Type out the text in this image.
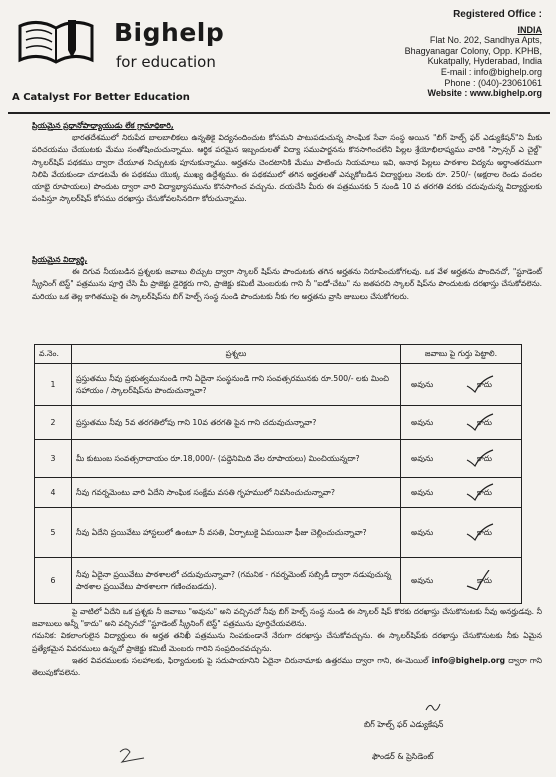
Bighelp
for education
A Catalyst For Better Education
Registered Office :
INDIA
Flat No. 202, Sandhya Apts,
Bhagyanagar Colony, Opp. KPHB,
Kukatpally, Hyderabad, India
E-mail : info@bighelp.org
Phone : (040)-23061061
Website : www.bighelp.org
ప్రియమైన ప్రధానోపాధ్యాయుడు లేక గ్రామాధికారి,
భారతదేశములో నిరుపేద బాలబాలికలు ఉన్నతికై విద్యనందించుట కోసమని పాటుపడుచున్న సాంఘిక సేవా సంస్థ అయిన "బిగ్ హెల్ప్ ఫర్ ఎడ్యుకేషన్"ని మీకు పరిచయము చేయుటకు మేము సంతోషించుచున్నాము. ఆర్థిక పరమైన ఇబ్బందులతో విద్యా సముపార్జనను కొనసాగించలేని పిల్లల శ్రేయోభిలాష్యము వారికి "స్పాన్సర్ ఎ చైల్డ్" స్కాలర్‌షిప్ పథకము ద్వారా చేయూత నిచ్చుటకు పూనుకున్నాము. అర్హతను చెందటానికి మేము పాటించు నియమాలు ఇవి, అనాథ పిల్లలు పాఠశాల విద్యను అర్థాంతరముగా నిలిపి వేయకుండా చూడటమే ఈ పథకము యొక్క ముఖ్య ఉద్దేశ్యము. ఈ పథకములో తగిన అర్హతలతో ఎన్నుకోబడిన విద్యార్థులు నెలకు రూ. 250/- (అక్షరాల రెండు వందల యాభై రూపాయలు) పొందుట ద్వారా వారి విద్యాభ్యాసమును కొనసాగించ వచ్చును. దయచేసి మీరు ఈ పత్రమునకు 5 నుండి 10 వ తరగతి వరకు చదువుచున్న విద్యార్థులకు పంపిస్తూ స్కాలర్‌షిప్ కోసము దరఖాస్తు చేసుకోవలసినదిగా కోరుచున్నాము.
ప్రియమైన విద్యార్థి,
ఈ దిగువ నీయబడిన ప్రశ్నలకు జవాబు లిచ్చుట ద్వారా స్కాలర్ షిప్‌ను పొందుటకు తగిన అర్హతను నిరూపించుకోగలవు. ఒక వేళ అర్హతను పొందినచో, "స్టూడెంట్ స్క్రీనింగ్ టెస్ట్" పత్రమును పూర్తి చేసి మీ ప్రాజెక్టు డైరెక్టరు గాని, ప్రాజెక్టు కమిటీ మెంబరుకు గాని నీ "ఐడో-చేటు" ను జతపరచి స్కాలర్ షిప్‌ను పొందుటకు దరఖాస్తు చేసుకోవలెను. మరియు ఒక తెల్ల కాగితముపై ఈ స్కాలర్‌షిప్‌ను బిగ్ హెల్ప్ సంస్థ నుండి పొందుటకు నీకు గల అర్హతను వ్రాసి జుబులు చేసుకోగలరు.
వ.నెం.	ప్రశ్నలు	జవాబు పై గుర్తు పెట్టాలి.
1	ప్రస్తుతము నీవు ప్రభుత్వమునుండి గాని ఏదైనా సంస్థనుండి గాని సంవత్సరమునకు రూ.500/- లకు మించి సహాయం / స్కాలర్‌షిప్‌ను పొందుచున్నావా?	అవును కాదు

2	ప్రస్తుతము నీవు 5వ తరగతిలోపు గాని 10వ తరగతి పైన గాని చదువుచున్నావా?	అవును కాదు

3	మీ కుటుంబ సంవత్సరాదాయం రూ.18,000/- (పద్దెనిమిది వేల రూపాయలు) మించియున్నదా?	అవును కాదు

4	నీవు గవర్నమెంటు వారి ఏదేని సాంఘిక సంక్షేమ వసతి గృహములో నివసించుచున్నావా?	అవును కాదు

5	నీవు ఏదేని ప్రయివేటు హాస్టలులో ఉంటూ నీ వసతి, ఏర్పాటుకై ఏమయినా ఫీజు చెల్లించుచున్నావా?	అవును కాదు

6	నీవు ఏదైనా ప్రయివేటు పాఠశాలలో చదువుచున్నావా? (గమనిక - గవర్నమెంట్ సబ్సిడీ ద్వారా నడుపుచున్న పాఠశాల ప్రయివేటు పాఠశాలగా గణించబడదు).	అవును కాదు
పై వాటిలో ఏదేని ఒక ప్రశ్నకు నీ జవాబు "అవును" అని వచ్చినచో నీవు బిగ్ హెల్ప్ సంస్థ నుండి ఈ స్కాలర్ షిప్ కొరకు దరఖాస్తు చేసుకొనుటకు నీవు అనర్హుడవు. నీ జవాబులు అన్నీ "కాదు" అని వచ్చినచో "స్టూడెంట్ స్క్రీనింగ్ టెస్ట్" పత్రమును పూర్తిచేయవలెను.
గమనిక: వికలాంగులైన విద్యార్థులు ఈ అర్హత తనిఖీ పత్రమును నింపకుండానే నేరుగా దరఖాస్తు చేసుకోవచ్చును. ఈ స్కాలర్‌షిప్‌కు దరఖాస్తు చేసుకొనుటకు నీకు ఏమైన ప్రత్యేకమైన వివరములు ఉన్నచో ప్రాజెక్టు కమిటీ మెంబరు గారిని సంప్రదించవచ్చును.
ఇతర వివరములకు సలహాలకు, ఫిర్యాదులకు పై సదుపాయానిని ఏదైనా చిరునామాకు ఉత్తరము ద్వారా గాని, ఈ-మెయిల్ info@bighelp.org ద్వారా గాని తెలుపుకోవలెను.
బిగ్ హెల్ప్ ఫర్ ఎడ్యుకేషన్
ఫౌండర్ & ప్రెసిడెంట్
